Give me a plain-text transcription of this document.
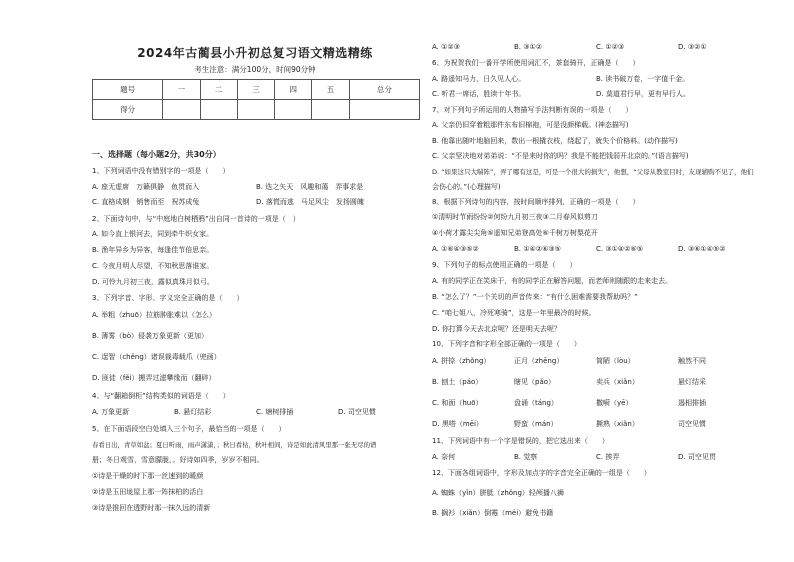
2024年古蔺县小升初总复习语文精选精练
考生注意：满分100分，时间90分钟
题号	一	二	三	四	五	总分
得分						
一、选择题（每小题2分，共30分）
1、下列词语中没有错别字的一项是（　　）
A. 座无虚席　万籁俱静　鱼贯而入	B. 迭之矢天　风趣和蔼　弄事求是
C. 直格成钢　销售而至　祝苏成兔	D. 落慌而逃　马足风尘　发扬圆魄
2、下面诗句中，与“中庭地白树栖鸦”出自同一首诗的一项是（　）
A. 如今直上银河去，同到牵牛织女家。
B. 渔年异乡为异客，每逢佳节倍思亲。
C. 今夜月明人尽望，不知秋思落谁家。
D. 可怜九月初三夜，露似真珠月似弓。
3、下列字音、字形、字义完全正确的是（　　）
A. 举粗（zhuō）拉筋肿胀难以（怎么）
B. 薄雾（bò）侵袭万象更新（更加）
C. 逞智（chěng）诸误裁毒载爪（兜画）
D. 匪徒（fěi）搬弄过滤攀缘而（翻碎）
4、与“翻箱倒柜”结构类似的词语是（　　）
A. 万象更新	B. 悬灯结彩	C. 塘树排插	D. 司空见惯
5、在下面语段空白处填入三个句子，最恰当的一项是（　　）
春看日出，青草如盆；夏日听雨，雨声潇潇，；秋日看枯，秋叶相间，诗是如此清风里那一张无尽的谱
册；冬日观雪，雪意朦胧，。好诗如四季，岁岁不相同。
①诗是干燥的时下那一丝速到的暖颜
②诗是玉田垅屋上那一阵抹柏的活白
③诗是推回在透野时那一抹久远的清新
A. ①②③	B. ③①②	C. ①②③	D. ③②①
6、为祝贺我们一番开学所使用词汇不，茶套骑开，正确是（　　）
A. 路遥知马力，日久见人心。	B. 读书破万卷，一字值千金。
C. 听君一席话，胜读十年书。	D. 莫道君行早，更有早行人。
7、对下列句子所运用的人物描写手法判断有误的一项是（　　）
A. 父亲仍旧穿着粗那件东布旧棉袍，可是没颜梯载。(神态描写)
B. 他靠出随叶地脑回来，数出一根撬衣枝，绕起了，就失个价格料。(动作描写)
C. 父亲坚决地对弟弟说：“不是来时你的吗？我是不能把钱弱开北京的。”(语言描写)
D. “如果这只大喘阵”，弄了哪有这是，可是一个很大的损失”，他想，“父母从教室目时，友现辅购不见了，他们
会伤心的。”(心理描写)
8、根据下列诗句的内容，按时间顺序排列，正确的一项是（　　）
①清明时节雨纷纷②何纷九月初三夜③二月春风似剪刀
④小荷才露尖尖角⑤遥知兄弟登高处⑥千树万树梨花开
A. ①⑥④③⑤②	B. ①④②⑥③⑤	C. ③①④②⑥⑤	D. ③⑥①④⑤②
9、下列句子的标点使用正确的一项是（　　）
A. 有的同学正在笑床干，有的同学正在解答问题，而老师则随跟的走来走去。
B. “怎么了？”一个关切的声音传来：“有什么困难需要我帮助吗？”
C. “咱七姐八，冷死寒骑”，这是一年里最冷的时候。
D. 你打算今天去北京呢？还是明天去呢？
10、下列字音和字形全部正确的一项是（　　）
A. 拼捺（zhǒng）	正月（zhēng）	简陋（lòu）	触然不同
B. 刨土（páo）	瞎见（pǎo）	卖兵（xiǎn）	悬灯结采
C. 和面（huō）	盘诵（táng）	撒嗬（yē）	遏相排插
D. 黑嗒（mēi）	野蛮（mán）	撕熟（xiǎn）	司空见惯
11、下列词语中有一个字是错误的，把它选出来（　　）
A. 奈何	B. 觉察	C. 挨弄	D. 司空见贯
12、下面各组词语中，字形及加点字的字音完全正确的一组是（　　）
A. 蜘蛛（yǐn）胼胝（zhǒng）轻颅播八狮
B. 搁衫（xiǎn）倒霉（méi）避免书籍
